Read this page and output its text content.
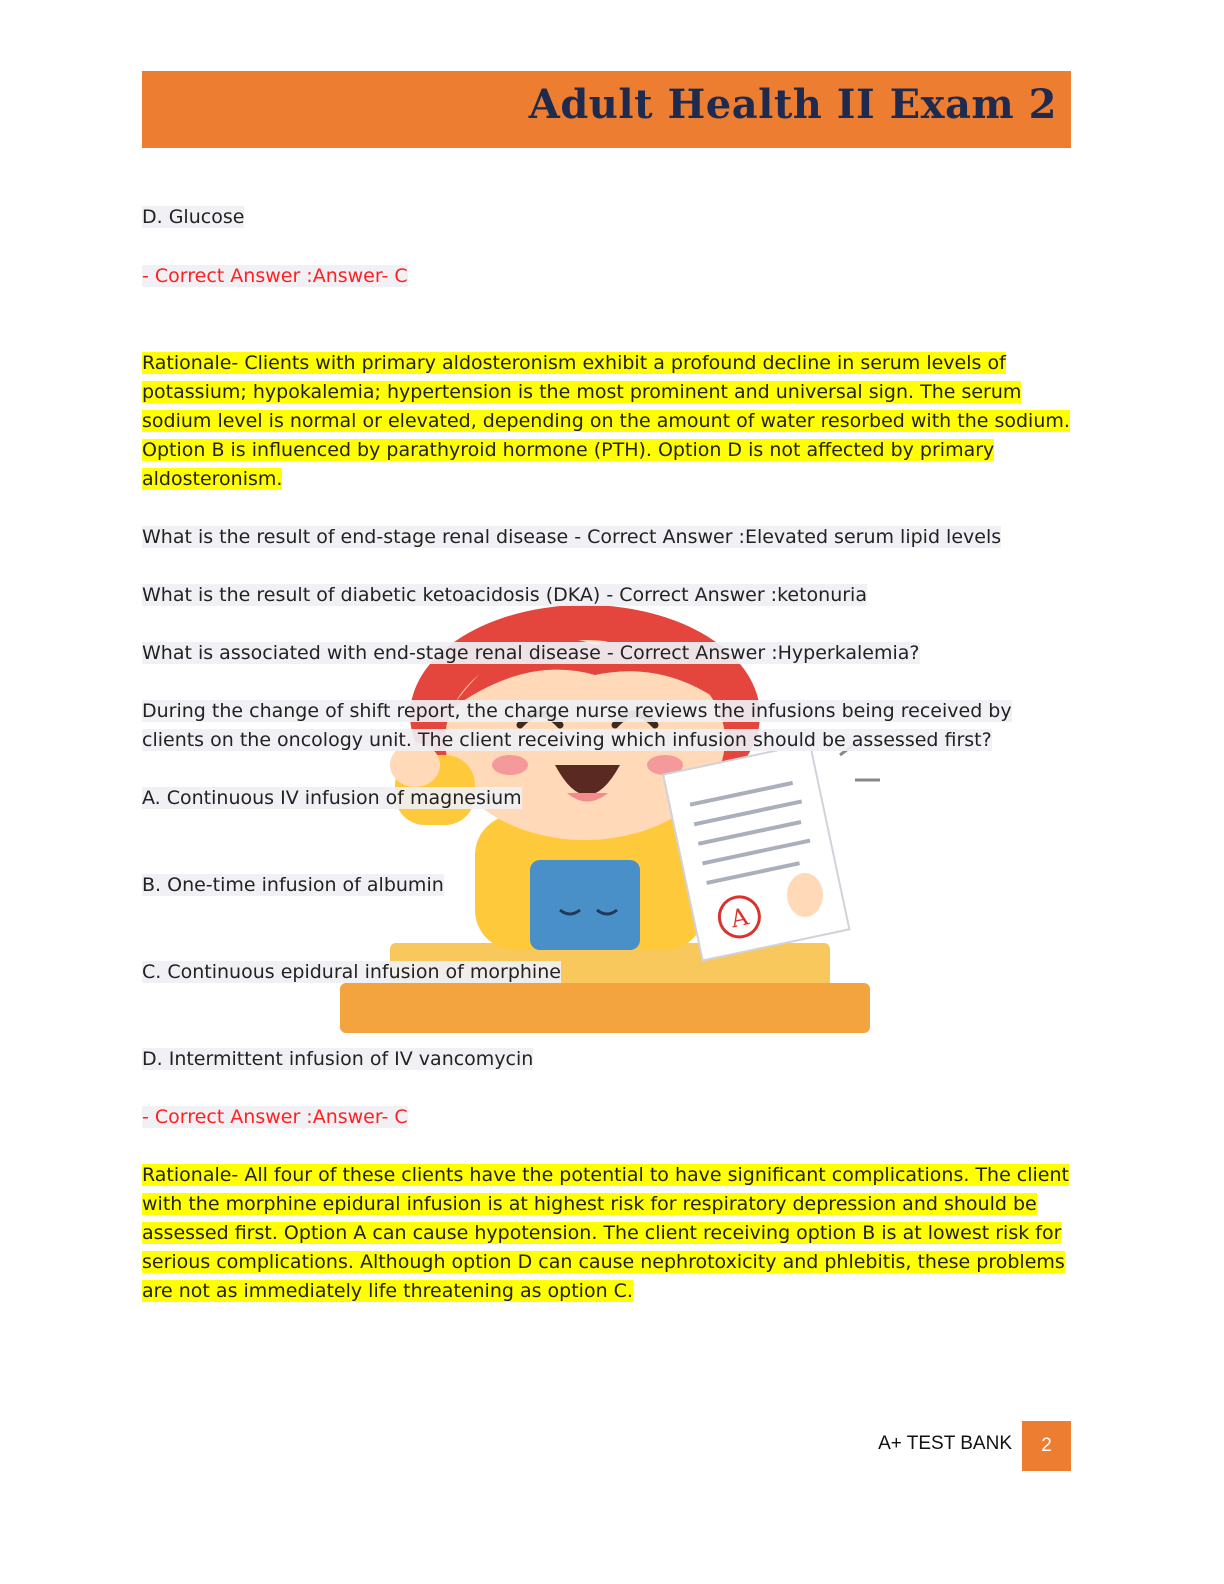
Adult Health II Exam 2
A
D. Glucose
- Correct Answer :Answer- C
Rationale- Clients with primary aldosteronism exhibit a profound decline in serum levels of potassium; hypokalemia; hypertension is the most prominent and universal sign. The serum sodium level is normal or elevated, depending on the amount of water resorbed with the sodium. Option B is influenced by parathyroid hormone (PTH). Option D is not affected by primary aldosteronism.
What is the result of end-stage renal disease - Correct Answer :Elevated serum lipid levels
What is the result of diabetic ketoacidosis (DKA) - Correct Answer :ketonuria
What is associated with end-stage renal disease - Correct Answer :Hyperkalemia?
During the change of shift report, the charge nurse reviews the infusions being received by clients on the oncology unit. The client receiving which infusion should be assessed first?
A. Continuous IV infusion of magnesium
B. One-time infusion of albumin
C. Continuous epidural infusion of morphine
D. Intermittent infusion of IV vancomycin
- Correct Answer :Answer- C
Rationale- All four of these clients have the potential to have significant complications. The client with the morphine epidural infusion is at highest risk for respiratory depression and should be assessed first. Option A can cause hypotension. The client receiving option B is at lowest risk for serious complications. Although option D can cause nephrotoxicity and phlebitis, these problems are not as immediately life threatening as option C.
A+ TEST BANK	2
